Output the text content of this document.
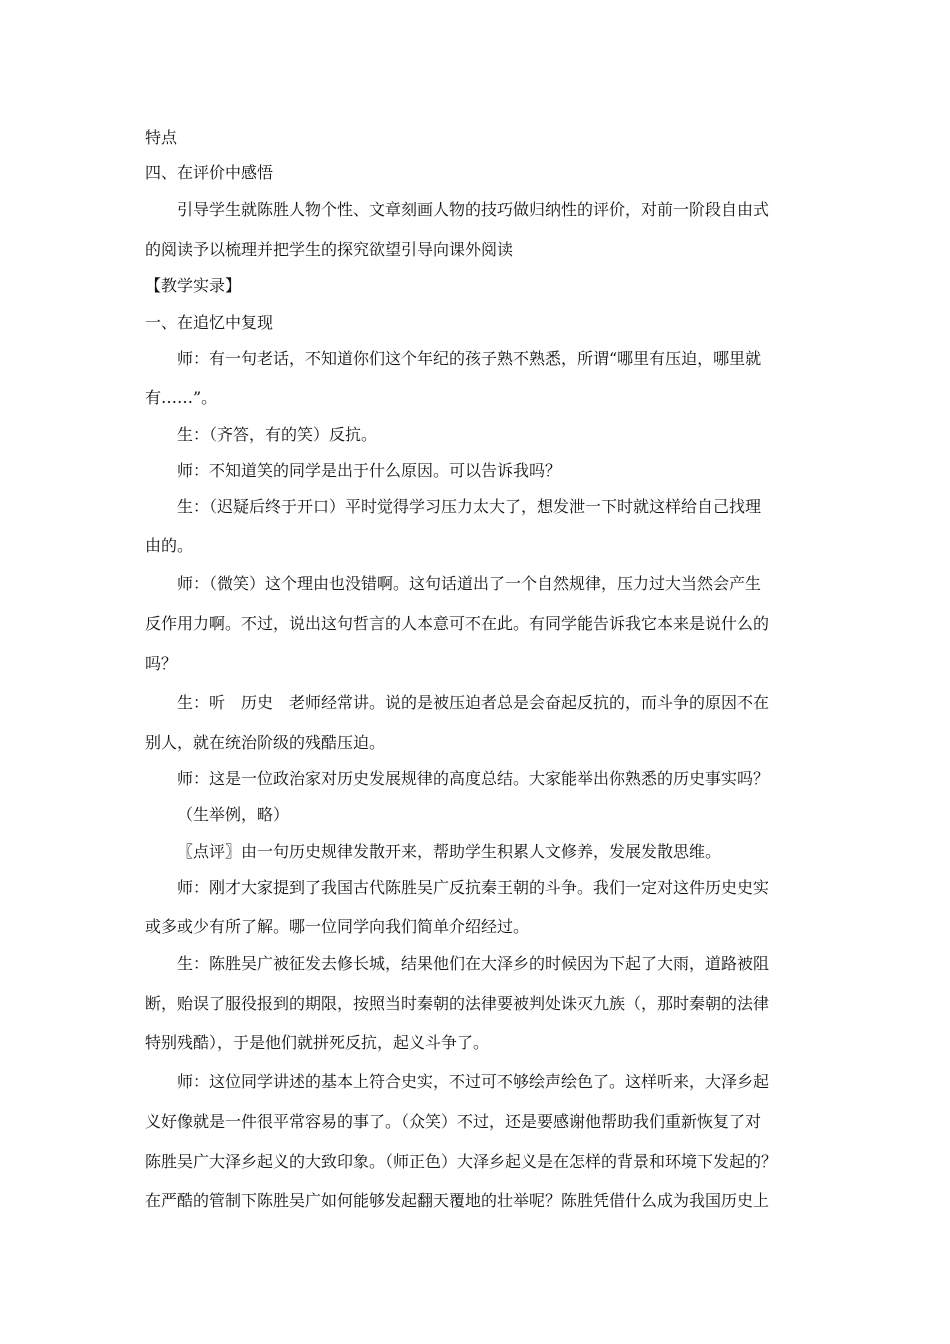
特点
四、在评价中感悟
引导学生就陈胜人物个性、文章刻画人物的技巧做归纳性的评价，对前一阶段自由式
的阅读予以梳理并把学生的探究欲望引导向课外阅读
【教学实录】
一、在追忆中复现
师：有一句老话，不知道你们这个年纪的孩子熟不熟悉，所谓“哪里有压迫，哪里就
有……”。
生：（齐答，有的笑）反抗。
师：不知道笑的同学是出于什么原因。可以告诉我吗？
生：（迟疑后终于开口）平时觉得学习压力太大了，想发泄一下时就这样给自己找理
由的。
师：（微笑）这个理由也没错啊。这句话道出了一个自然规律，压力过大当然会产生
反作用力啊。不过，说出这句哲言的人本意可不在此。有同学能告诉我它本来是说什么的
吗？
生：听　历史　老师经常讲。说的是被压迫者总是会奋起反抗的，而斗争的原因不在
别人，就在统治阶级的残酷压迫。
师：这是一位政治家对历史发展规律的高度总结。大家能举出你熟悉的历史事实吗？
（生举例，略）
〖点评〗由一句历史规律发散开来，帮助学生积累人文修养，发展发散思维。
师：刚才大家提到了我国古代陈胜吴广反抗秦王朝的斗争。我们一定对这件历史史实
或多或少有所了解。哪一位同学向我们简单介绍经过。
生：陈胜吴广被征发去修长城，结果他们在大泽乡的时候因为下起了大雨，道路被阻
断，贻误了服役报到的期限，按照当时秦朝的法律要被判处诛灭九族（，那时秦朝的法律
特别残酷），于是他们就拼死反抗，起义斗争了。
师：这位同学讲述的基本上符合史实，不过可不够绘声绘色了。这样听来，大泽乡起
义好像就是一件很平常容易的事了。（众笑）不过，还是要感谢他帮助我们重新恢复了对
陈胜吴广大泽乡起义的大致印象。（师正色）大泽乡起义是在怎样的背景和环境下发起的？
在严酷的管制下陈胜吴广如何能够发起翻天覆地的壮举呢？陈胜凭借什么成为我国历史上
